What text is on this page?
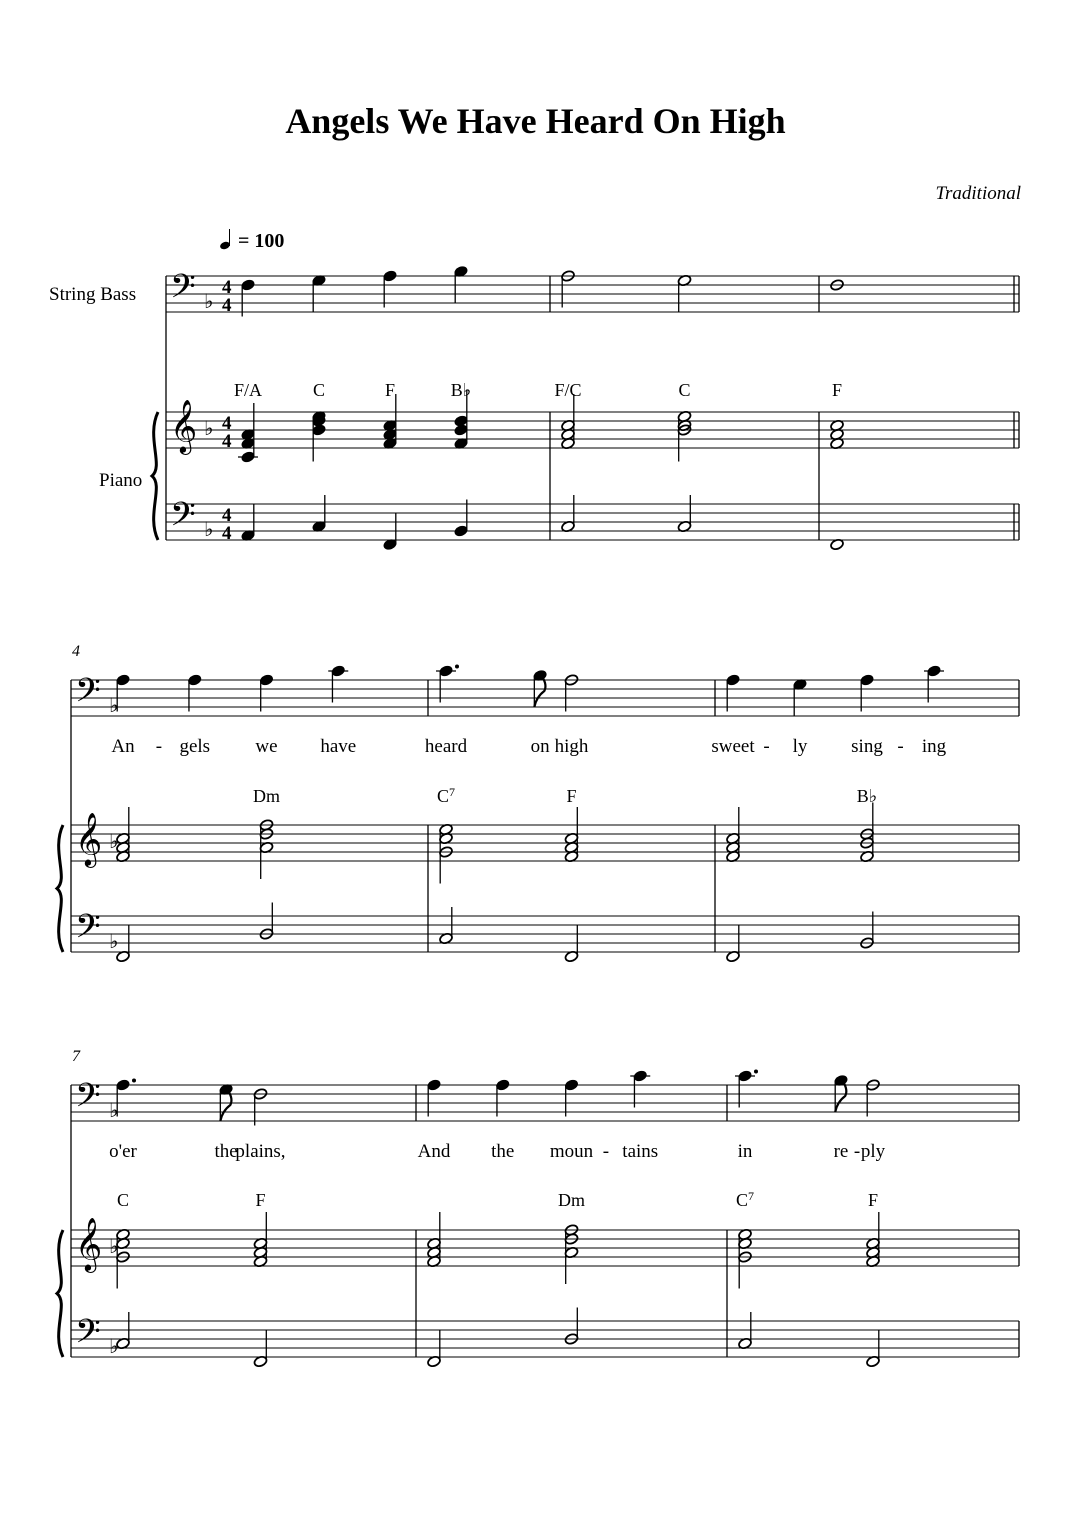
Angels We Have Heard On High
Traditional
= 100
String Bass
Piano
4
7
𝄢 ♭
4
4
𝄞 ♭ 4
4
𝄢 ♭
4
4
F/A	C	F	B♭	F/C	C	F
𝄢 ♭
𝄞 ♭
𝄢 ♭
An gels we have
-
Dm
heard	on high
$C^7$	F
sweet ly sing ing
-	-
B♭
𝄢 ♭
𝄞 ♭
𝄢 ♭
o'er	the
plains,
C	F
And the moun tains
-
Dm
in	re ply
-
$C^7$	F
